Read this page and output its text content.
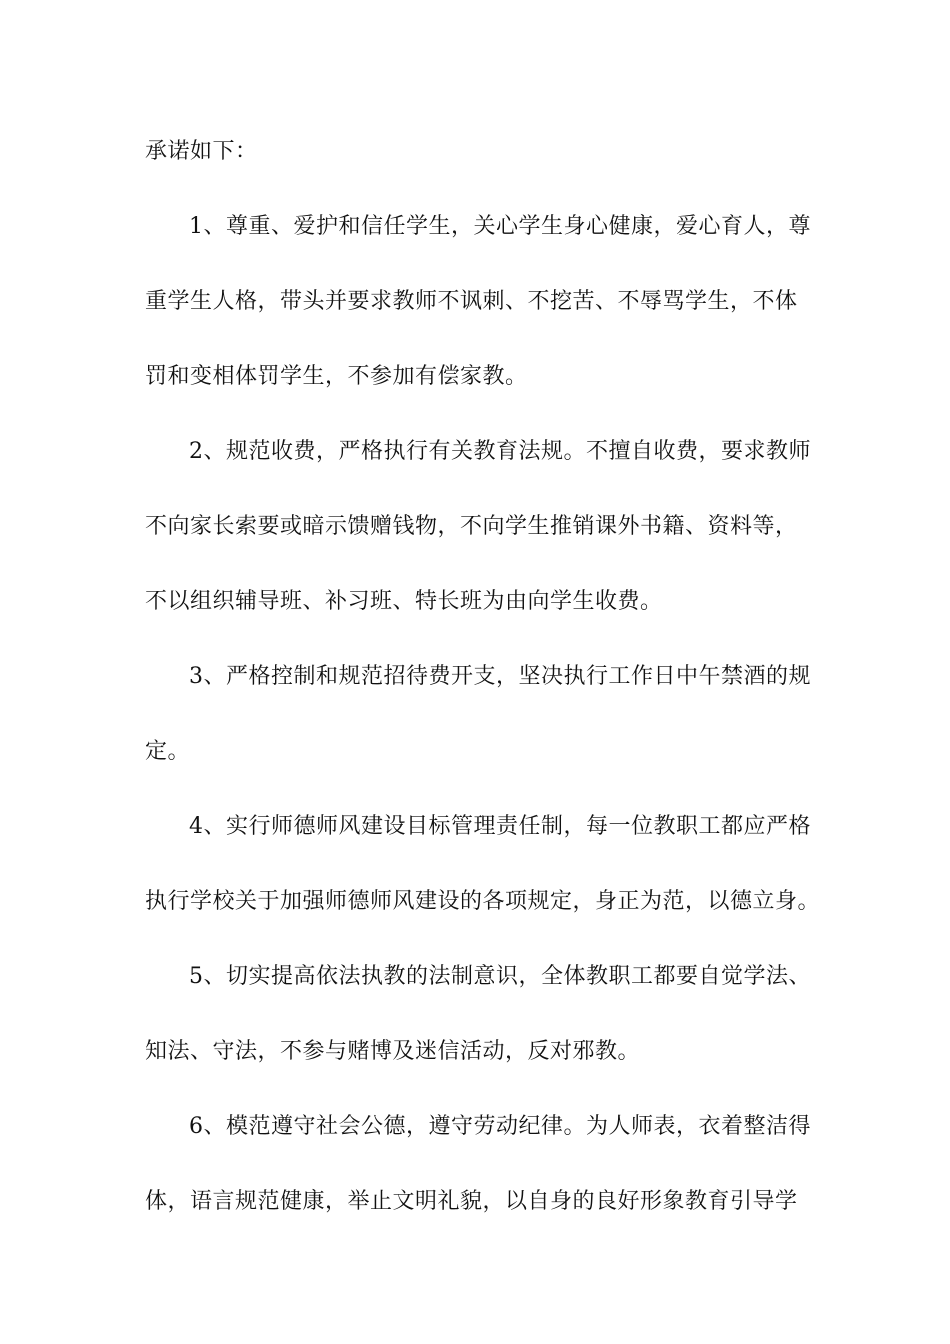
承诺如下：
1、尊重、爱护和信任学生，关心学生身心健康，爱心育人，尊
重学生人格，带头并要求教师不讽刺、不挖苦、不辱骂学生，不体
罚和变相体罚学生，不参加有偿家教。
2、规范收费，严格执行有关教育法规。不擅自收费，要求教师
不向家长索要或暗示馈赠钱物，不向学生推销课外书籍、资料等，
不以组织辅导班、补习班、特长班为由向学生收费。
3、严格控制和规范招待费开支，坚决执行工作日中午禁酒的规
定。
4、实行师德师风建设目标管理责任制，每一位教职工都应严格
执行学校关于加强师德师风建设的各项规定，身正为范，以德立身。
5、切实提高依法执教的法制意识，全体教职工都要自觉学法、
知法、守法，不参与赌博及迷信活动，反对邪教。
6、模范遵守社会公德，遵守劳动纪律。为人师表，衣着整洁得
体，语言规范健康，举止文明礼貌，以自身的良好形象教育引导学
